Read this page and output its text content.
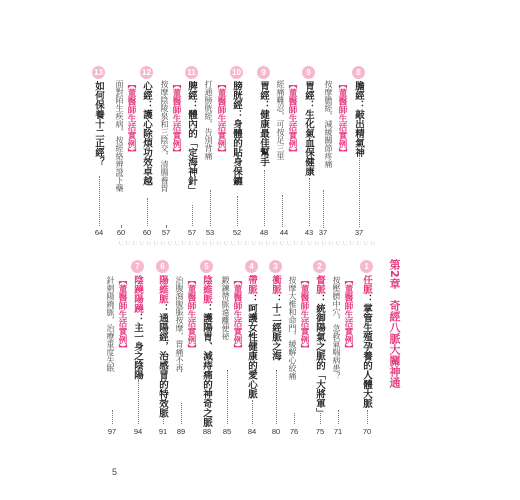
8
膽經：敲出精氣神
37
【董醫師生活實例】
按摩膽經，減緩關節疼痛
37
9
胃經：生化氣血保健康
43
【董醫師生活實例】
經痛難忍，可按足三里
44
9
胃經：健康最佳幫手
48
10
膀胱經：身體的貼身保鑣
52
【董醫師生活實例】
打通膀胱經，告別背痛
53
11
脾經：體內的「定海神針」
57
【董醫師生活實例】
按摩陰陵泉和三陰交，清腸養胃
57
12
心經：護心除煩功效卓越
60
【董醫師生活實例】
面對陌生疾病，按經絡辨證下藥
60
13
如何保養十二正經？
64
ＵＵＵＵＵＵＵＵＵＵＵＵＵＵＵＵＵＵＵＵＵＵＵＵＵＵＵＵＵＵＵＵＵＵＵＵＵ
第2章　奇經八脈大關神通
1
任脈：掌管生殖孕養的人體大脈
70
【董醫師生活實例】
按壓臍中穴，急救氣喘病患？
71
2
督脈：統御陽氣之脈的「大將軍」
75
【董醫師生活實例】
按摩大椎和命門，緩解心絞痛
76
3
衝脈：十二經脈之海
80
4
帶脈：呵護女性健康的愛心脈
84
【董醫師生活實例】
鍛鍊帶脈遠離便祕
85
5
陰維脈：護陽胃、減痔痛的神奇之脈
88
【董醫師生活實例】
治腹瀉腹脹按摩，胃痛不再
89
6
陽維脈：通陽經，治感冒的特效脈
91
7
陰蹺陽蹺：主一身之陰陽
94
【董醫師生活實例】
針刺陽蹺脈，治療重度失眠
97
5
